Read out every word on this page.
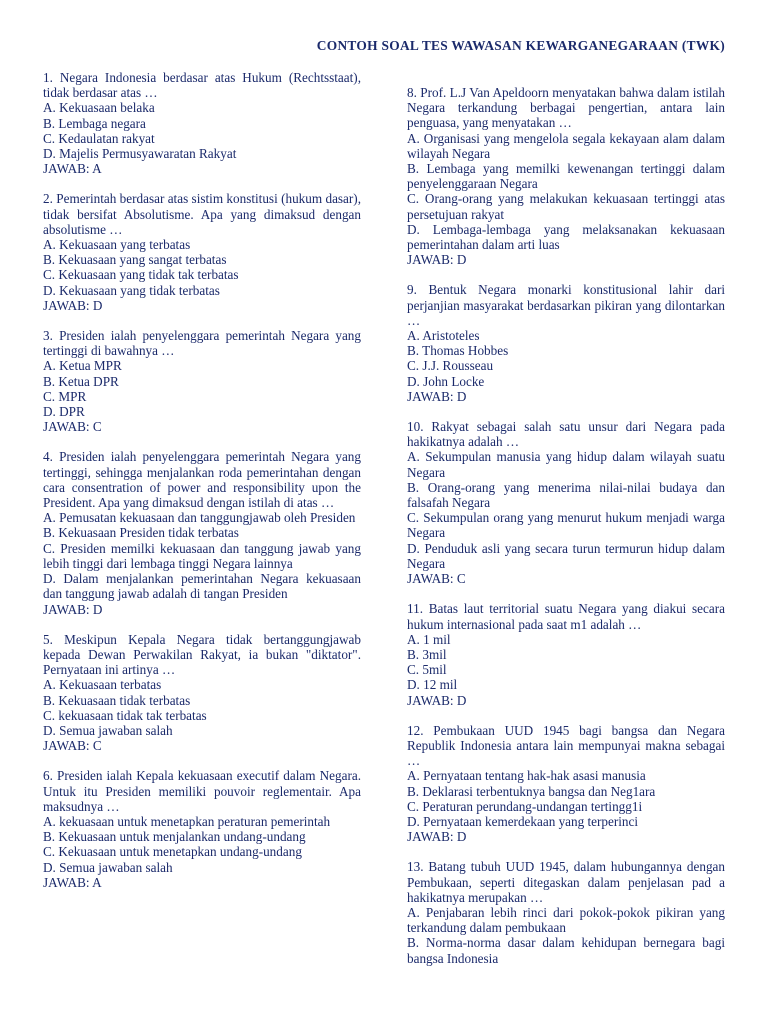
CONTOH SOAL TES WAWASAN KEWARGANEGARAAN (TWK)
1. Negara Indonesia berdasar atas Hukum (Rechtsstaat), tidak berdasar atas …
A. Kekuasaan belaka
B. Lembaga negara
C. Kedaulatan rakyat
D. Majelis Permusyawaratan Rakyat
JAWAB: A
2. Pemerintah berdasar atas sistim konstitusi (hukum dasar), tidak bersifat Absolutisme. Apa yang dimaksud dengan absolutisme …
A. Kekuasaan yang terbatas
B. Kekuasaan yang sangat terbatas
C. Kekuasaan yang tidak tak terbatas
D. Kekuasaan yang tidak terbatas
JAWAB: D
3. Presiden ialah penyelenggara pemerintah Negara yang tertinggi di bawahnya …
A. Ketua MPR
B. Ketua DPR
C. MPR
D. DPR
JAWAB: C
4. Presiden ialah penyelenggara pemerintah Negara yang tertinggi, sehingga menjalankan roda pemerintahan dengan cara consentration of power and responsibility upon the President. Apa yang dimaksud dengan istilah di atas …
A. Pemusatan kekuasaan dan tanggungjawab oleh Presiden
B. Kekuasaan Presiden tidak terbatas
C. Presiden memilki kekuasaan dan tanggung jawab yang lebih tinggi dari lembaga tinggi Negara lainnya
D. Dalam menjalankan pemerintahan Negara kekuasaan dan tanggung jawab adalah di tangan Presiden
JAWAB: D
5. Meskipun Kepala Negara tidak bertanggungjawab kepada Dewan Perwakilan Rakyat, ia bukan "diktator". Pernyataan ini artinya …
A. Kekuasaan terbatas
B. Kekuasaan tidak terbatas
C. kekuasaan tidak tak terbatas
D. Semua jawaban salah
JAWAB: C
6. Presiden ialah Kepala kekuasaan executif dalam Negara. Untuk itu Presiden memiliki pouvoir reglementair. Apa maksudnya …
A. kekuasaan untuk menetapkan peraturan pemerintah
B. Kekuasaan untuk menjalankan undang-undang
C. Kekuasaan untuk menetapkan undang-undang
D. Semua jawaban salah
JAWAB: A
8. Prof. L.J Van Apeldoorn menyatakan bahwa dalam istilah Negara terkandung berbagai pengertian, antara lain penguasa, yang menyatakan …
A. Organisasi yang mengelola segala kekayaan alam dalam wilayah Negara
B. Lembaga yang memilki kewenangan tertinggi dalam penyelenggaraan Negara
C. Orang-orang yang melakukan kekuasaan tertinggi atas persetujuan rakyat
D. Lembaga-lembaga yang melaksanakan kekuasaan pemerintahan dalam arti luas
JAWAB: D
9. Bentuk Negara monarki konstitusional lahir dari perjanjian masyarakat berdasarkan pikiran yang dilontarkan …
A. Aristoteles
B. Thomas Hobbes
C. J.J. Rousseau
D. John Locke
JAWAB: D
10. Rakyat sebagai salah satu unsur dari Negara pada hakikatnya adalah …
A. Sekumpulan manusia yang hidup dalam wilayah suatu Negara
B. Orang-orang yang menerima nilai-nilai budaya dan falsafah Negara
C. Sekumpulan orang yang menurut hukum menjadi warga Negara
D. Penduduk asli yang secara turun termurun hidup dalam Negara
JAWAB: C
11. Batas laut territorial suatu Negara yang diakui secara hukum internasional pada saat m1 adalah …
A. 1 mil
B. 3mil
C. 5mil
D. 12 mil
JAWAB: D
12. Pembukaan UUD 1945 bagi bangsa dan Negara Republik Indonesia antara lain mempunyai makna sebagai …
A. Pernyataan tentang hak-hak asasi manusia
B. Deklarasi terbentuknya bangsa dan Neg1ara
C. Peraturan perundang-undangan tertingg1i
D. Pernyataan kemerdekaan yang terperinci
JAWAB: D
13. Batang tubuh UUD 1945, dalam hubungannya dengan Pembukaan, seperti ditegaskan dalam penjelasan pad a hakikatnya merupakan …
A. Penjabaran lebih rinci dari pokok-pokok pikiran yang terkandung dalam pembukaan
B. Norma-norma dasar dalam kehidupan bernegara bagi bangsa Indonesia
